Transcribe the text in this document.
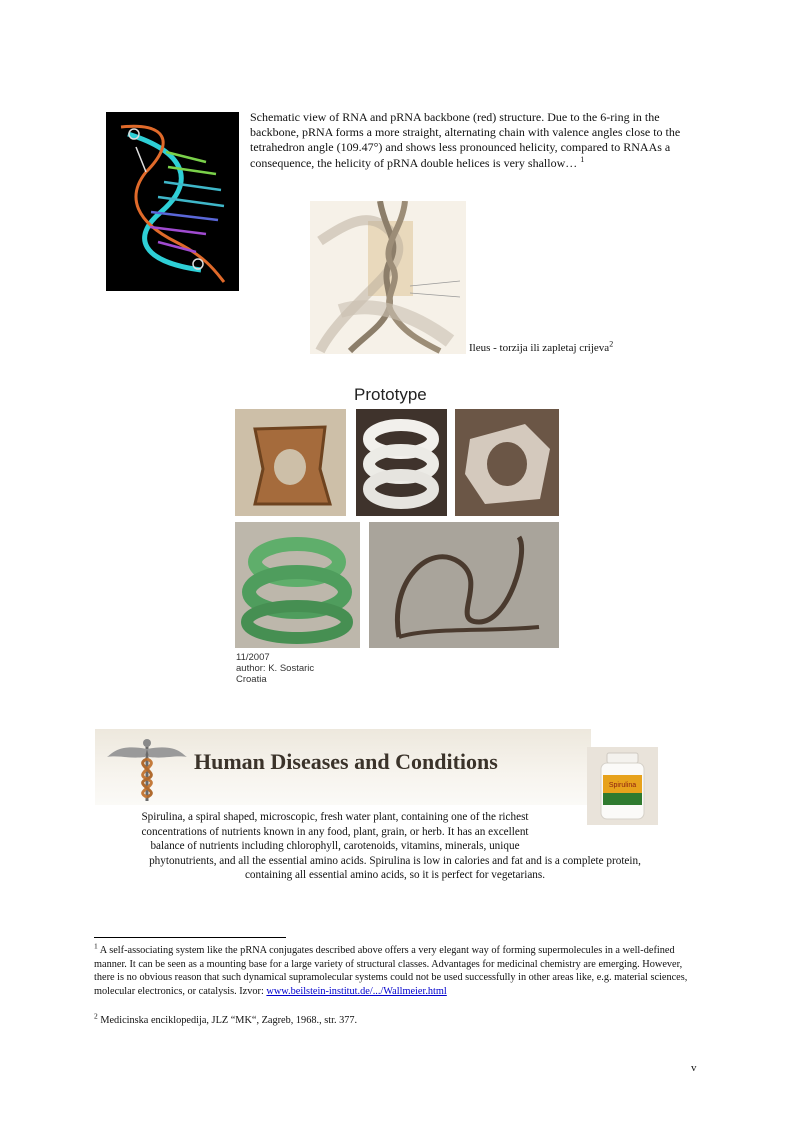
Schematic view of RNA and pRNA backbone (red) structure. Due to the 6-ring in the backbone, pRNA forms a more straight, alternating chain with valence angles close to the tetrahedron angle (109.47°) and shows less pronounced helicity, compared to RNAAs a consequence, the helicity of pRNA double helices is very shallow… $^1$
Ileus - torzija ili zapletaj crijeva$^2$
Prototype
11/2007
author: K. Sostaric
Croatia
Human Diseases and Conditions
Spirulina
Spirulina, a spiral shaped, microscopic, fresh water plant, containing one of the richest
concentrations of nutrients known in any food, plant, grain, or herb. It has an excellent
balance of nutrients including chlorophyll, carotenoids, vitamins, minerals, unique
phytonutrients, and all the essential amino acids. Spirulina is low in calories and fat and is a complete protein,
containing all essential amino acids, so it is perfect for vegetarians.
$^1$ A self-associating system like the pRNA conjugates described above offers a very elegant way of forming supermolecules in a well-defined manner. It can be seen as a mounting base for a large variety of structural classes. Advantages for medicinal chemistry are emerging. However, there is no obvious reason that such dynamical supramolecular systems could not be used successfully in other areas like, e.g. material sciences, molecular electronics, or catalysis. Izvor: www.beilstein-institut.de/.../Wallmeier.html
$^2$ Medicinska enciklopedija, JLZ “MK“, Zagreb, 1968., str. 377.
v
